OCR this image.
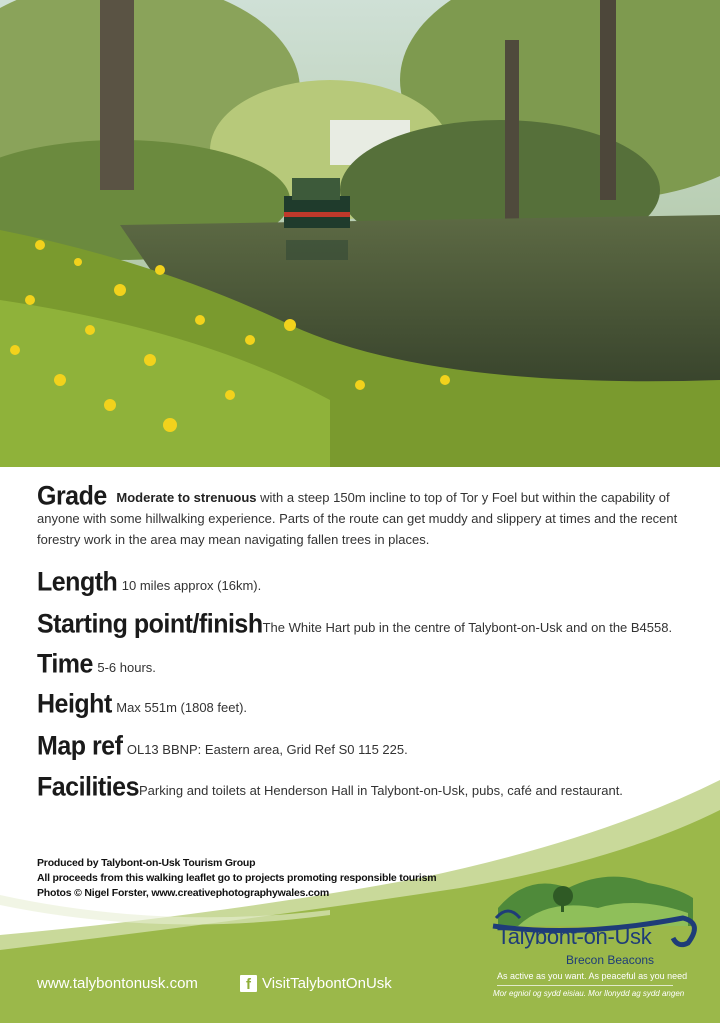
Grade Moderate to strenuous with a steep 150m incline to top of Tor y Foel but within the capability of anyone with some hillwalking experience. Parts of the route can get muddy and slippery at times and the recent forestry work in the area may mean navigating fallen trees in places.
Length 10 miles approx (16km).
Starting point/finishThe White Hart pub in the centre of Talybont-on-Usk and on the B4558.
Time 5-6 hours.
Height Max 551m (1808 feet).
Map ref OL13 BBNP: Eastern area, Grid Ref S0 115 225.
FacilitiesParking and toilets at Henderson Hall in Talybont-on-Usk, pubs, café and restaurant.
Produced by Talybont-on-Usk Tourism Group
All proceeds from this walking leaflet go to projects promoting responsible tourism
Photos © Nigel Forster, www.creativephotographywales.com
www.talybontonusk.com	f VisitTalybontOnUsk
Talybont-on-Usk
Brecon Beacons
As active as you want. As peaceful as you need
Mor egniol og sydd eisiau. Mor llonydd ag sydd angen
